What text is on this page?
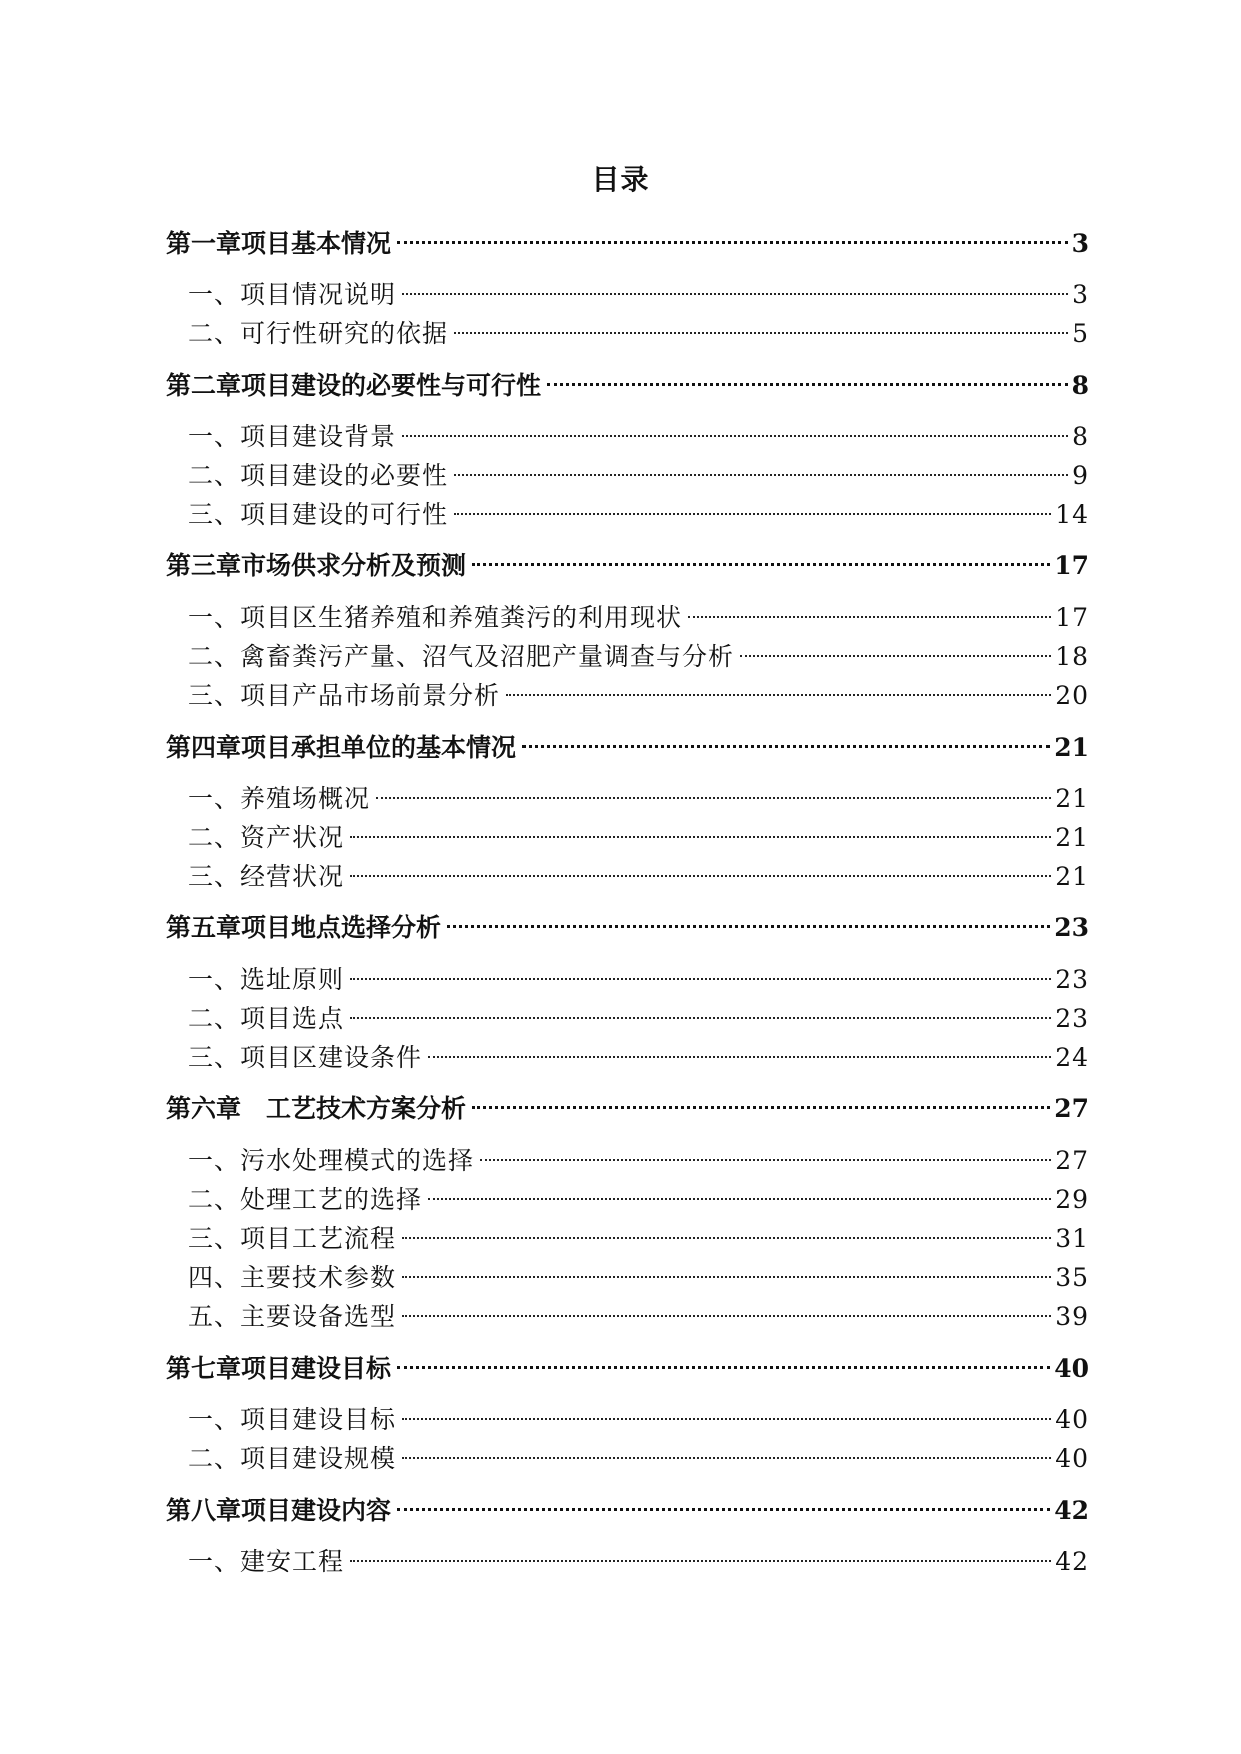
目录
第一章项目基本情况	3
一、项目情况说明	3
二、可行性研究的依据	5
第二章项目建设的必要性与可行性	8
一、项目建设背景	8
二、项目建设的必要性	9
三、项目建设的可行性	14
第三章市场供求分析及预测	17
一、项目区生猪养殖和养殖粪污的利用现状	17
二、禽畜粪污产量、沼气及沼肥产量调查与分析	18
三、项目产品市场前景分析	20
第四章项目承担单位的基本情况	21
一、养殖场概况	21
二、资产状况	21
三、经营状况	21
第五章项目地点选择分析	23
一、选址原则	23
二、项目选点	23
三、项目区建设条件	24
第六章　工艺技术方案分析	27
一、污水处理模式的选择	27
二、处理工艺的选择	29
三、项目工艺流程	31
四、主要技术参数	35
五、主要设备选型	39
第七章项目建设目标	40
一、项目建设目标	40
二、项目建设规模	40
第八章项目建设内容	42
一、建安工程	42
